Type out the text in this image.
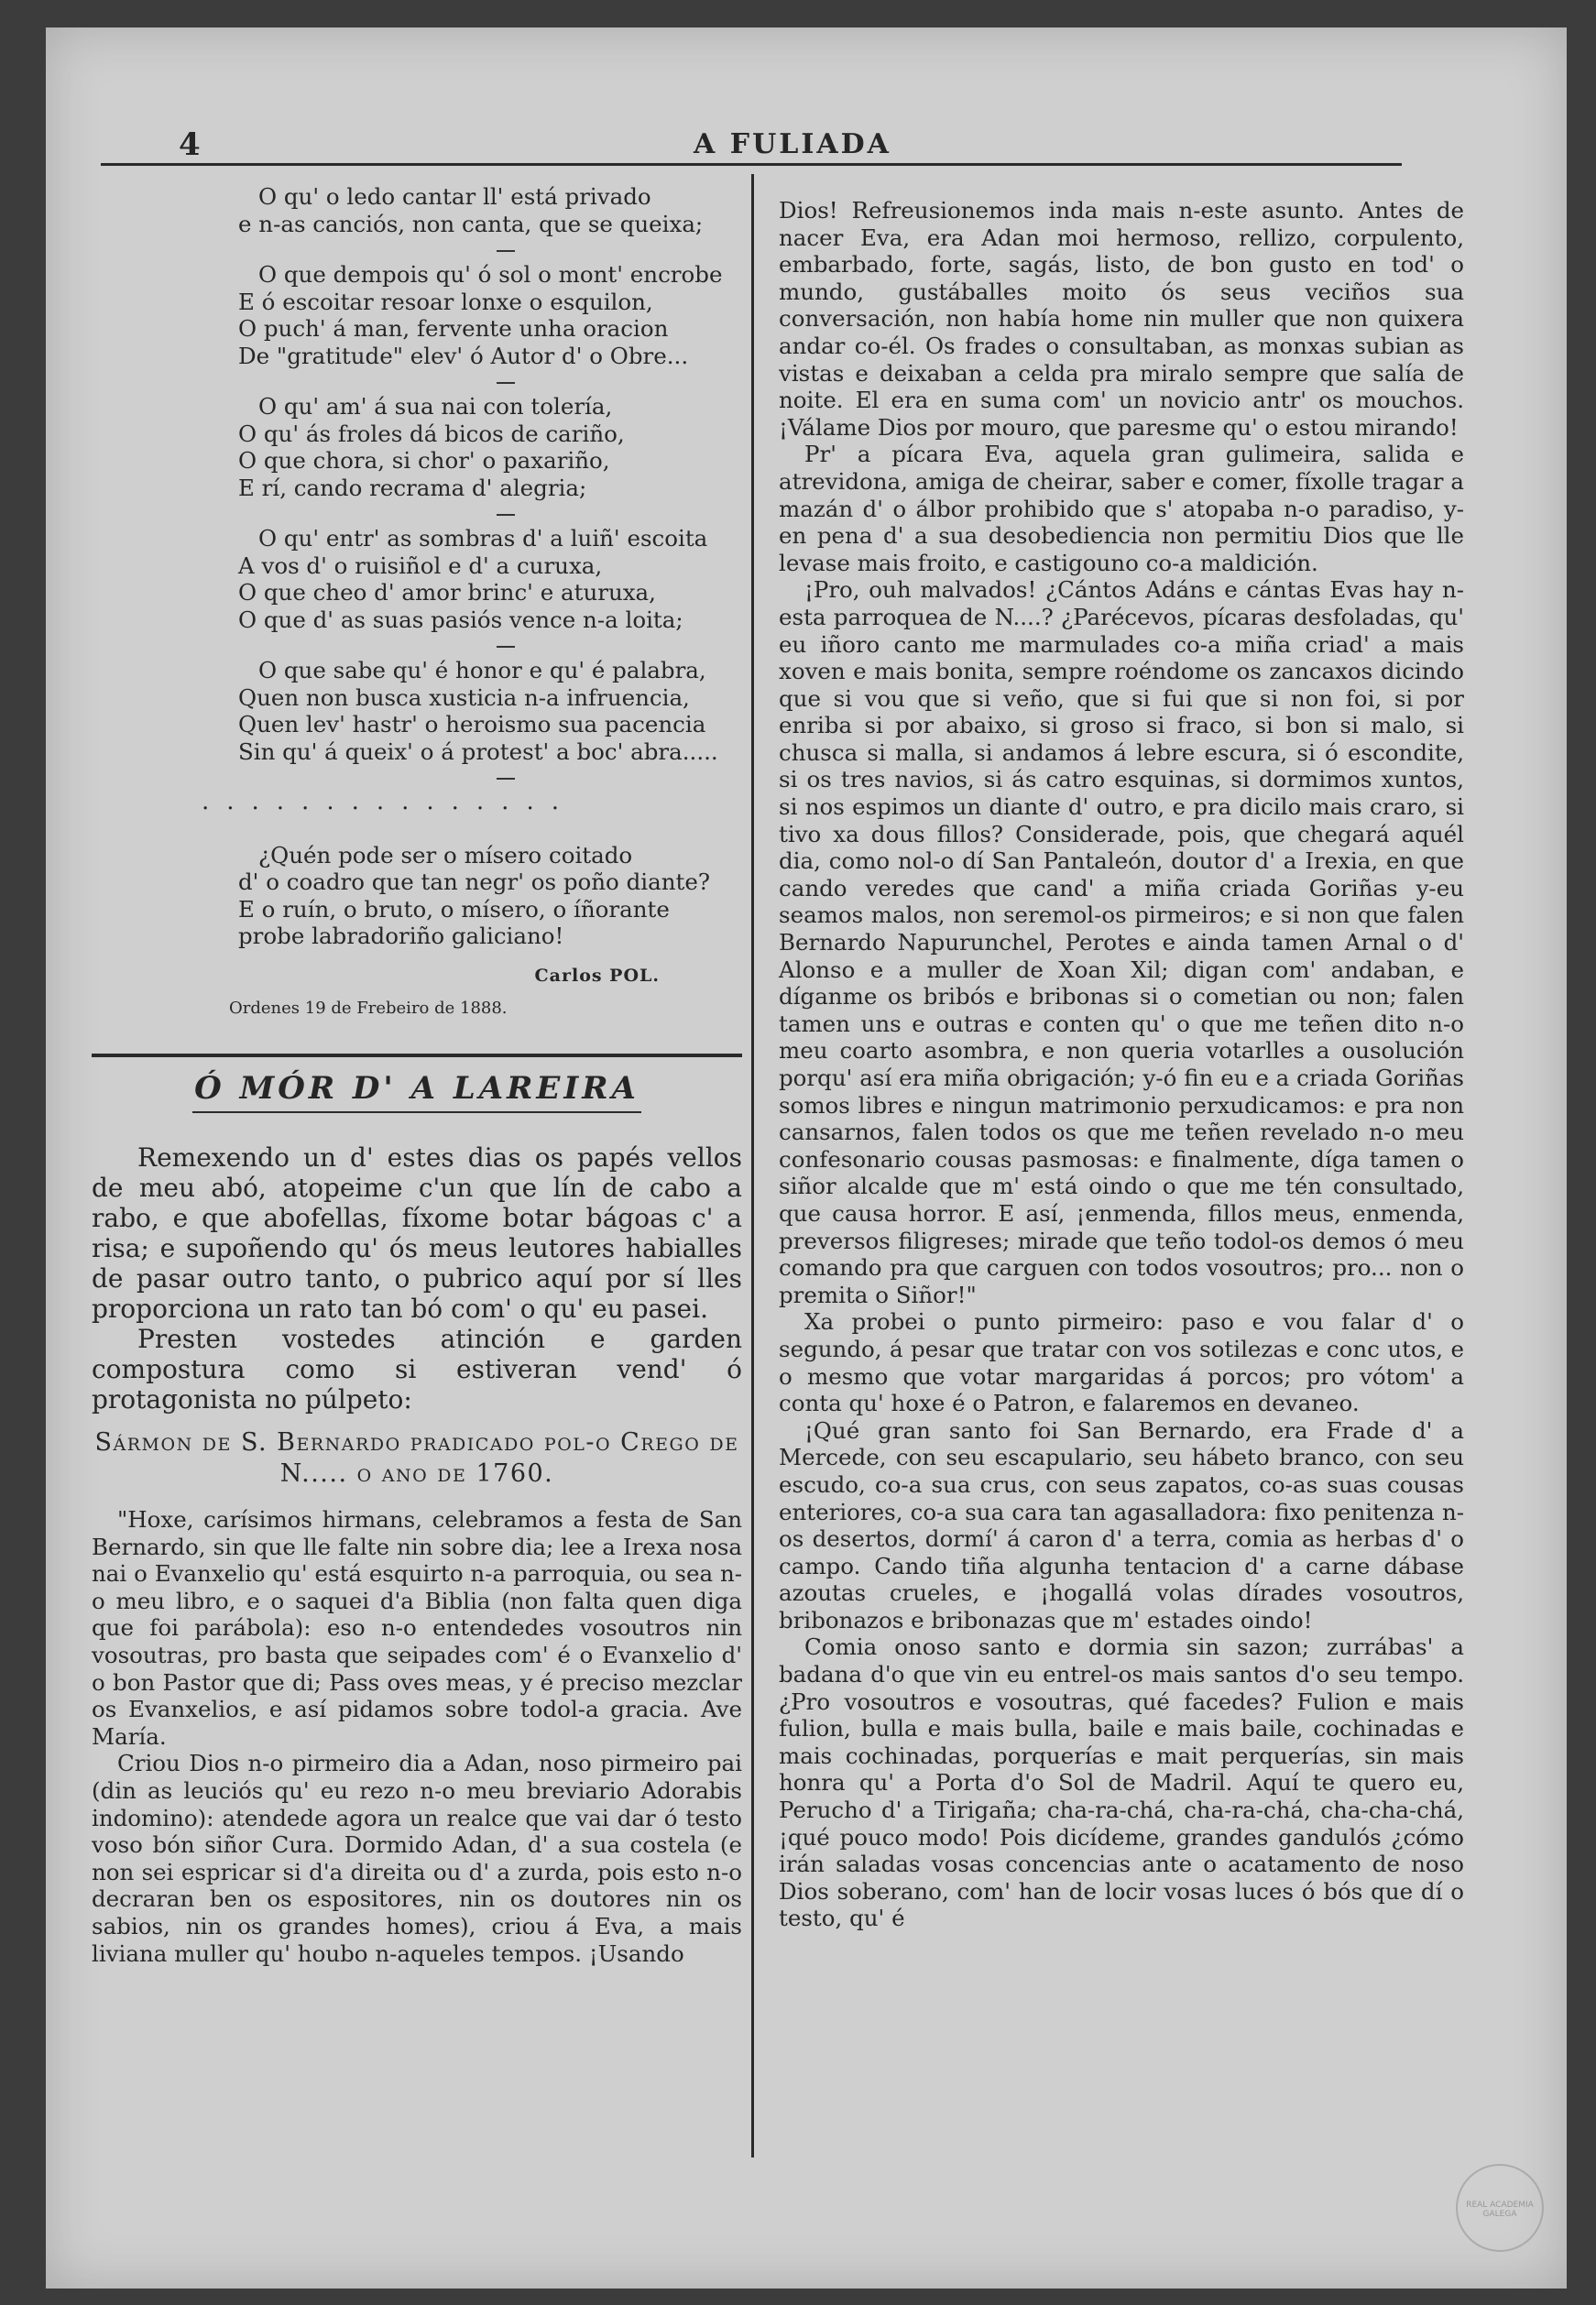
4	A FULIADA
O qu' o ledo cantar ll' está privado
e n-as canciós, non canta, que se queixa;
O que dempois qu' ó sol o mont' encrobe
E ó escoitar resoar lonxe o esquilon,
O puch' á man, fervente unha oracion
De "gratitude" elev' ó Autor d' o Obre...
O qu' am' á sua nai con tolería,
O qu' ás froles dá bicos de cariño,
O que chora, si chor' o paxariño,
E rí, cando recrama d' alegria;
O qu' entr' as sombras d' a luiñ' escoita
A vos d' o ruisiñol e d' a curuxa,
O que cheo d' amor brinc' e aturuxa,
O que d' as suas pasiós vence n-a loita;
O que sabe qu' é honor e qu' é palabra,
Quen non busca xusticia n-a infruencia,
Quen lev' hastr' o heroismo sua pacencia
Sin qu' á queix' o á protest' a boc' abra.....
...............
¿Quén pode ser o mísero coitado
d' o coadro que tan negr' os poño diante?
E o ruín, o bruto, o mísero, o íñorante
probe labradoriño galiciano!
Carlos POL.
Ordenes 19 de Frebeiro de 1888.
Ó MÓR D' A LAREIRA

Remexendo un d' estes dias os papés vellos de meu abó, atopeime c'un que lín de cabo a rabo, e que abofellas, fíxome botar bágoas c' a risa; e supoñendo qu' ós meus leutores habialles de pasar outro tanto, o pubrico aquí por sí lles proporciona un rato tan bó com' o qu' eu pasei.

Presten vostedes atinción e garden compostura como si estiveran vend' ó protagonista no púlpeto:

Sármon de S. Bernardo pradicado pol-o Crego de N..... o ano de 1760.

"Hoxe, carísimos hirmans, celebramos a festa de San Bernardo, sin que lle falte nin sobre dia; lee a Irexa nosa nai o Evanxelio qu' está esquirto n-a parroquia, ou sea n-o meu libro, e o saquei d'a Biblia (non falta quen diga que foi parábola): eso n-o entendedes vosoutros nin vosoutras, pro basta que seipades com' é o Evanxelio d' o bon Pastor que di; Pass oves meas, y é preciso mezclar os Evanxelios, e así pidamos sobre todol-a gracia. Ave María.

Criou Dios n-o pirmeiro dia a Adan, noso pirmeiro pai (din as leuciós qu' eu rezo n-o meu breviario Adorabis indomino): atendede agora un realce que vai dar ó testo voso bón siñor Cura. Dormido Adan, d' a sua costela (e non sei espricar si d'a direita ou d' a zurda, pois esto n-o decraran ben os espositores, nin os doutores nin os sabios, nin os grandes homes), criou á Eva, a mais liviana muller qu' houbo n-aqueles tempos. ¡Usando

Dios! Refreusionemos inda mais n-este asunto. Antes de nacer Eva, era Adan moi hermoso, rellizo, corpulento, embarbado, forte, sagás, listo, de bon gusto en tod' o mundo, gustáballes moito ós seus veciños sua conversación, non había home nin muller que non quixera andar co-él. Os frades o consultaban, as monxas subian as vistas e deixaban a celda pra miralo sempre que salía de noite. El era en suma com' un novicio antr' os mouchos. ¡Válame Dios por mouro, que paresme qu' o estou mirando!

Pr' a pícara Eva, aquela gran gulimeira, salida e atrevidona, amiga de cheirar, saber e comer, fíxolle tragar a mazán d' o álbor prohibido que s' atopaba n-o paradiso, y-en pena d' a sua desobediencia non permitiu Dios que lle levase mais froito, e castigouno co-a maldición.

¡Pro, ouh malvados! ¿Cántos Adáns e cántas Evas hay n-esta parroquea de N....? ¿Parécevos, pícaras desfoladas, qu' eu iñoro canto me marmulades co-a miña criad' a mais xoven e mais bonita, sempre roéndome os zancaxos dicindo que si vou que si veño, que si fui que si non foi, si por enriba si por abaixo, si groso si fraco, si bon si malo, si chusca si malla, si andamos á lebre escura, si ó escondite, si os tres navios, si ás catro esquinas, si dormimos xuntos, si nos espimos un diante d' outro, e pra dicilo mais craro, si tivo xa dous fillos? Considerade, pois, que chegará aquél dia, como nol-o dí San Pantaleón, doutor d' a Irexia, en que cando veredes que cand' a miña criada Goriñas y-eu seamos malos, non seremol-os pirmeiros; e si non que falen Bernardo Napurunchel, Perotes e ainda tamen Arnal o d' Alonso e a muller de Xoan Xil; digan com' andaban, e díganme os bribós e bribonas si o cometian ou non; falen tamen uns e outras e conten qu' o que me teñen dito n-o meu coarto asombra, e non queria votarlles a ousolución porqu' así era miña obrigación; y-ó fin eu e a criada Goriñas somos libres e ningun matrimonio perxudicamos: e pra non cansarnos, falen todos os que me teñen revelado n-o meu confesonario cousas pasmosas: e finalmente, díga tamen o siñor alcalde que m' está oindo o que me tén consultado, que causa horror. E así, ¡enmenda, fillos meus, enmenda, preversos filigreses; mirade que teño todol-os demos ó meu comando pra que carguen con todos vosoutros; pro... non o premita o Siñor!"

Xa probei o punto pirmeiro: paso e vou falar d' o segundo, á pesar que tratar con vos sotilezas e conc utos, e o mesmo que votar margaridas á porcos; pro vótom' a conta qu' hoxe é o Patron, e falaremos en devaneo.

¡Qué gran santo foi San Bernardo, era Frade d' a Mercede, con seu escapulario, seu hábeto branco, con seu escudo, co-a sua crus, con seus zapatos, co-as suas cousas enteriores, co-a sua cara tan agasalladora: fixo penitenza n-os desertos, dormí' á caron d' a terra, comia as herbas d' o campo. Cando tiña algunha tentacion d' a carne dábase azoutas crueles, e ¡hogallá volas dírades vosoutros, bribonazos e bribonazas que m' estades oindo!

Comia onoso santo e dormia sin sazon; zurrábas' a badana d'o que vin eu entrel-os mais santos d'o seu tempo. ¿Pro vosoutros e vosoutras, qué facedes? Fulion e mais fulion, bulla e mais bulla, baile e mais baile, cochinadas e mais cochinadas, porquerías e mait perquerías, sin mais honra qu' a Porta d'o Sol de Madril. Aquí te quero eu, Perucho d' a Tirigaña; cha-ra-chá, cha-ra-chá, cha-cha-chá, ¡qué pouco modo! Pois dicídeme, grandes gandulós ¿cómo irán saladas vosas concencias ante o acatamento de noso Dios soberano, com' han de locir vosas luces ó bós que dí o testo, qu' é

REAL ACADEMIA GALEGA
